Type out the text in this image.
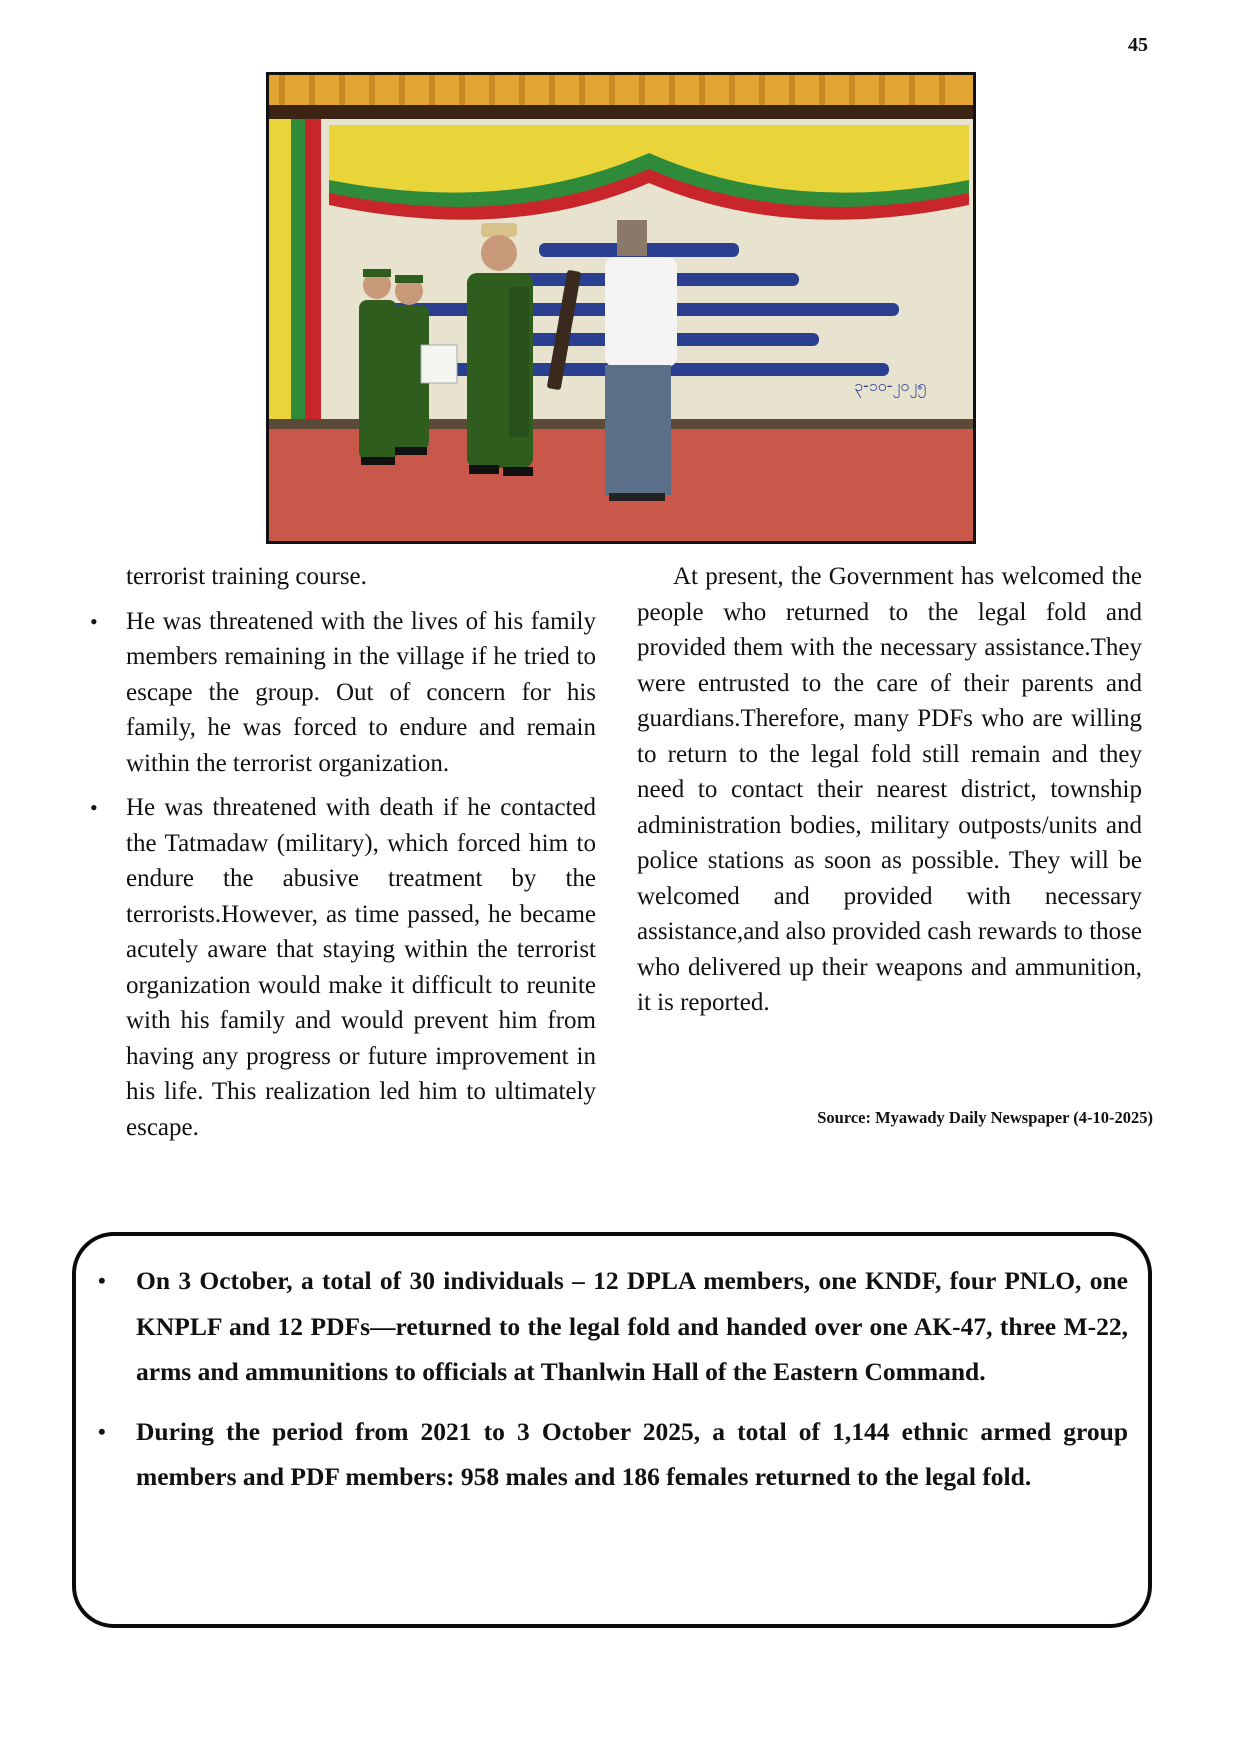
45
၃-၁၀-၂၀၂၅

terrorist training course.

• He was threatened with the lives of his family members remaining in the village if he tried to escape the group. Out of concern for his family, he was forced to endure and remain within the terrorist organization.
• He was threatened with death if he contacted the Tatmadaw (military), which forced him to endure the abusive treatment by the terrorists.However, as time passed, he became acutely aware that staying within the terrorist organization would make it difficult to reunite with his family and would prevent him from having any progress or future improvement in his life. This realization led him to ultimately escape.

At present, the Government has welcomed the people who returned to the legal fold and provided them with the necessary assistance.They were entrusted to the care of their parents and guardians.Therefore, many PDFs who are willing to return to the legal fold still remain and they need to contact their nearest district, township administration bodies, military outposts/units and police stations as soon as possible. They will be welcomed and provided with necessary assistance,and also provided cash rewards to those who delivered up their weapons and ammunition, it is reported.

Source: Myawady Daily Newspaper (4-10-2025)
• On 3 October, a total of 30 individuals – 12 DPLA members, one KNDF, four PNLO, one KNPLF and 12 PDFs—returned to the legal fold and handed over one AK-47, three M-22, arms and ammunitions to officials at Thanlwin Hall of the Eastern Command.
• During the period from 2021 to 3 October 2025, a total of 1,144 ethnic armed group members and PDF members: 958 males and 186 females returned to the legal fold.
